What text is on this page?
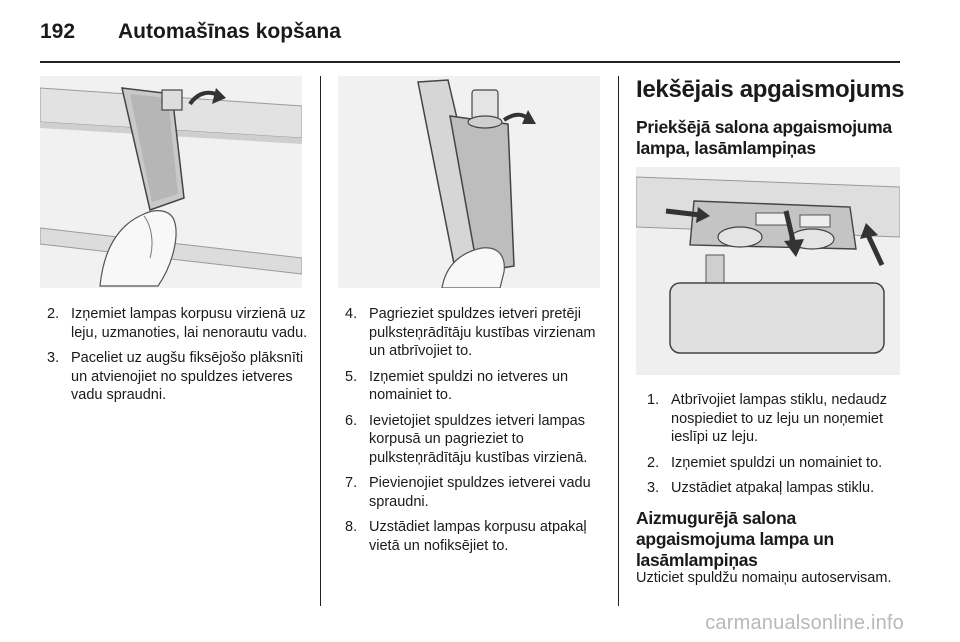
192 Automašīnas kopšana
2. Izņemiet lampas korpusu virzienā uz leju, uzmanoties, lai nenorautu vadu.
3. Paceliet uz augšu fiksējošo plāksnīti un atvienojiet no spuldzes ietveres vadu spraudni.
4. Pagrieziet spuldzes ietveri pretēji pulksteņrādītāju kustības virzienam un atbrīvojiet to.
5. Izņemiet spuldzi no ietveres un nomainiet to.
6. Ievietojiet spuldzes ietveri lampas korpusā un pagrieziet to pulksteņrādītāju kustības virzienā.
7. Pievienojiet spuldzes ietverei vadu spraudni.
8. Uzstādiet lampas korpusu atpakaļ vietā un nofiksējiet to.
Iekšējais apgaismojums
Priekšējā salona apgaismojuma lampa, lasāmlampiņas
1. Atbrīvojiet lampas stiklu, nedaudz nospiediet to uz leju un noņemiet ieslīpi uz leju.
2. Izņemiet spuldzi un nomainiet to.
3. Uzstādiet atpakaļ lampas stiklu.
Aizmugurējā salona apgaismojuma lampa un lasāmlampiņas
Uzticiet spuldžu nomaiņu autoservisam.
carmanualsonline.info
